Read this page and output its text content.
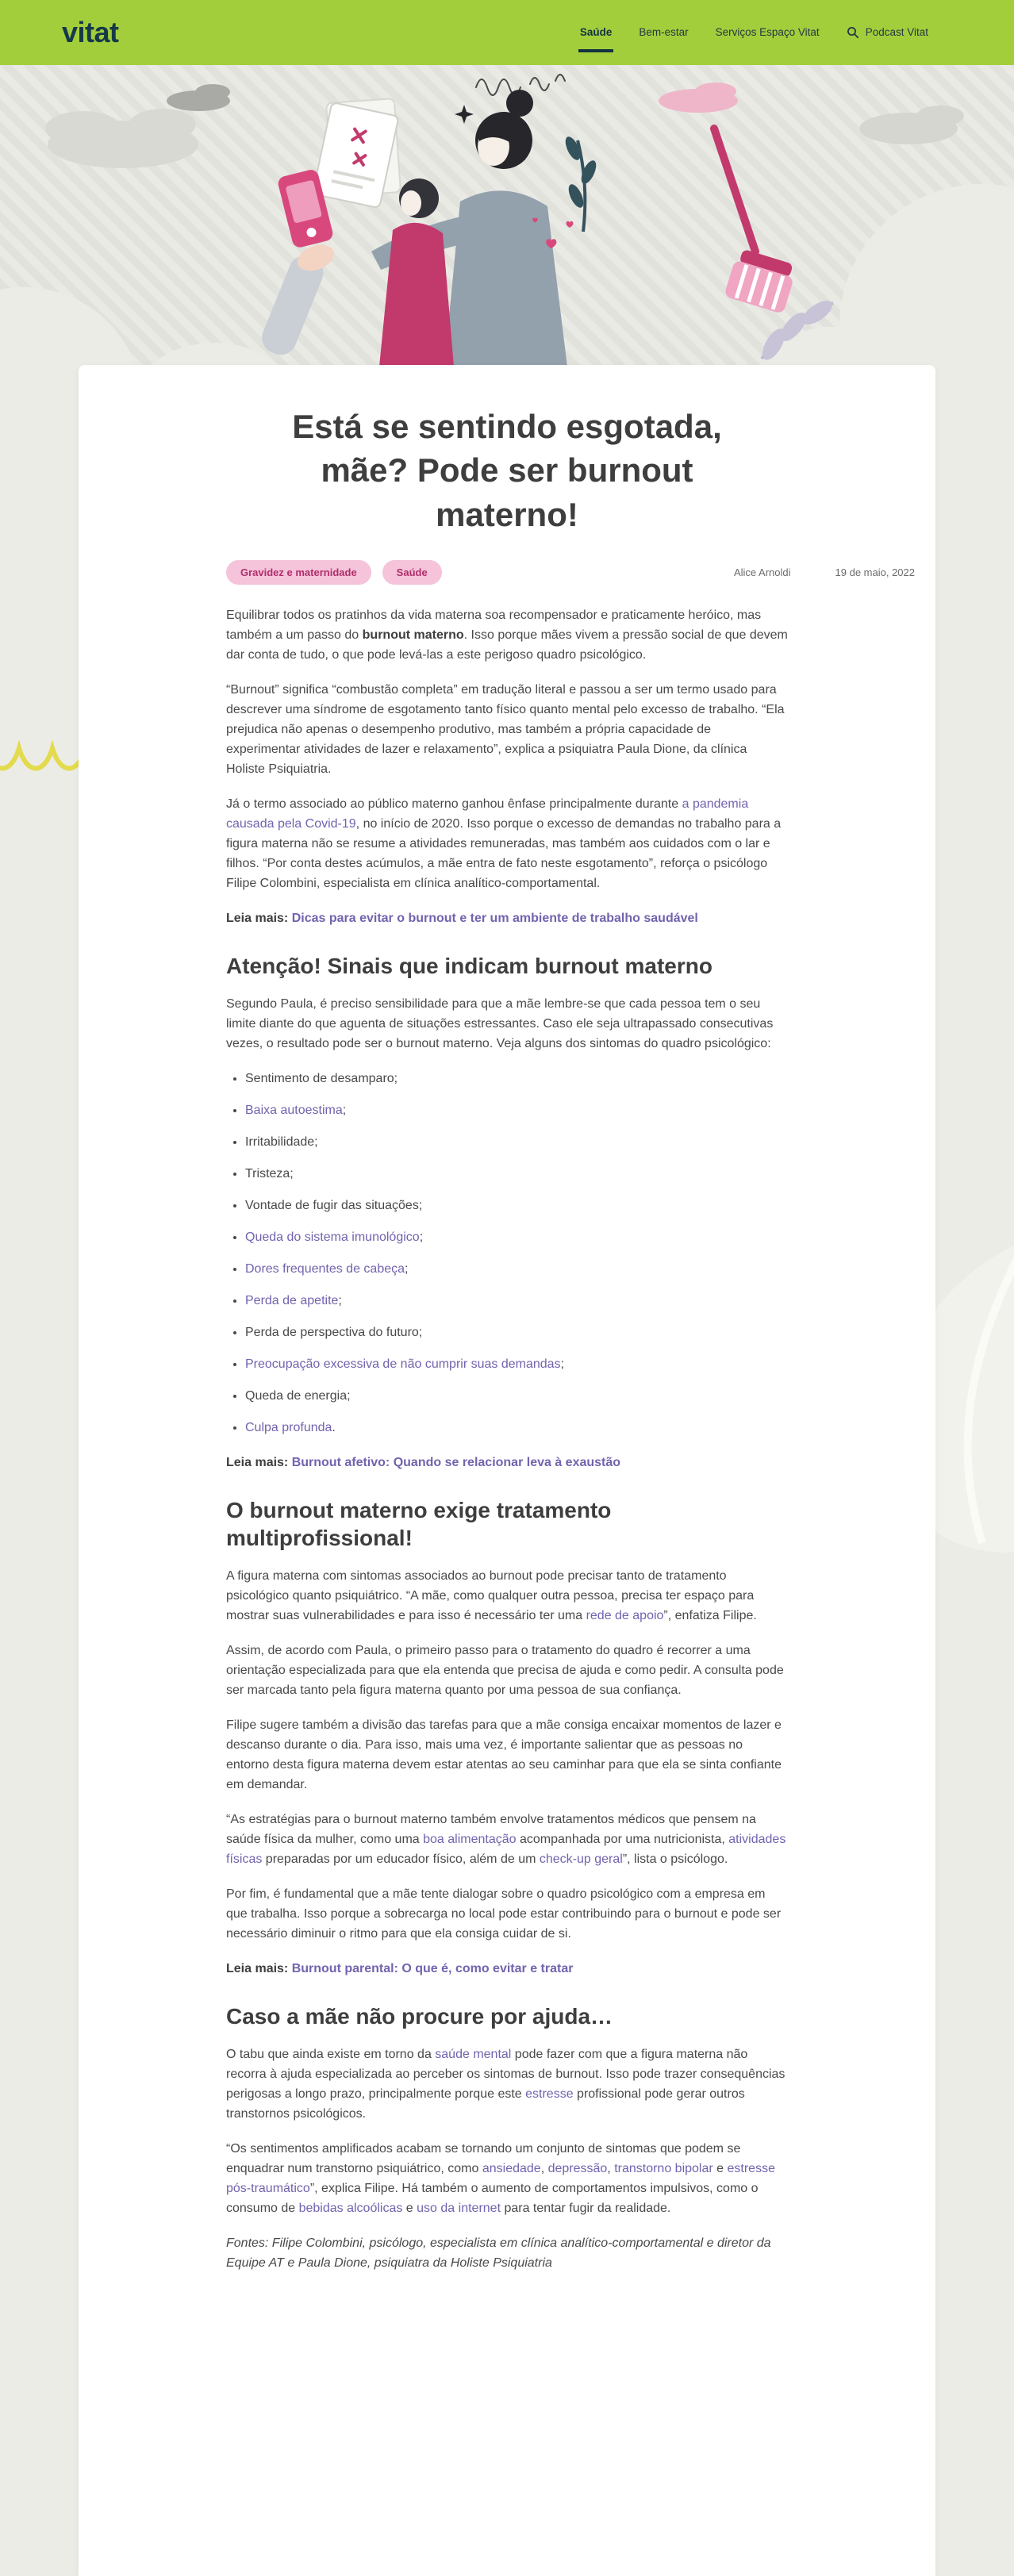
vitat	Saúde	Bem-estar	Serviços Espaço Vitat	Podcast Vitat
Está se sentindo esgotada, mãe? Pode ser burnout materno!
Gravidez e maternidade	Saúde	Alice Arnoldi	19 de maio, 2022

Equilibrar todos os pratinhos da vida materna soa recompensador e praticamente heróico, mas também a um passo do burnout materno. Isso porque mães vivem a pressão social de que devem dar conta de tudo, o que pode levá-las a este perigoso quadro psicológico.

“Burnout” significa “combustão completa” em tradução literal e passou a ser um termo usado para descrever uma síndrome de esgotamento tanto físico quanto mental pelo excesso de trabalho. “Ela prejudica não apenas o desempenho produtivo, mas também a própria capacidade de experimentar atividades de lazer e relaxamento”, explica a psiquiatra Paula Dione, da clínica Holiste Psiquiatria.

Já o termo associado ao público materno ganhou ênfase principalmente durante a pandemia causada pela Covid-19, no início de 2020. Isso porque o excesso de demandas no trabalho para a figura materna não se resume a atividades remuneradas, mas também aos cuidados com o lar e filhos. “Por conta destes acúmulos, a mãe entra de fato neste esgotamento”, reforça o psicólogo Filipe Colombini, especialista em clínica analítico-comportamental.

Leia mais: Dicas para evitar o burnout e ter um ambiente de trabalho saudável

Atenção! Sinais que indicam burnout materno

Segundo Paula, é preciso sensibilidade para que a mãe lembre-se que cada pessoa tem o seu limite diante do que aguenta de situações estressantes. Caso ele seja ultrapassado consecutivas vezes, o resultado pode ser o burnout materno. Veja alguns dos sintomas do quadro psicológico:

• Sentimento de desamparo;
• Baixa autoestima;
• Irritabilidade;
• Tristeza;
• Vontade de fugir das situações;
• Queda do sistema imunológico;
• Dores frequentes de cabeça;
• Perda de apetite;
• Perda de perspectiva do futuro;
• Preocupação excessiva de não cumprir suas demandas;
• Queda de energia;
• Culpa profunda.

Leia mais: Burnout afetivo: Quando se relacionar leva à exaustão

O burnout materno exige tratamento multiprofissional!

A figura materna com sintomas associados ao burnout pode precisar tanto de tratamento psicológico quanto psiquiátrico. “A mãe, como qualquer outra pessoa, precisa ter espaço para mostrar suas vulnerabilidades e para isso é necessário ter uma rede de apoio”, enfatiza Filipe.

Assim, de acordo com Paula, o primeiro passo para o tratamento do quadro é recorrer a uma orientação especializada para que ela entenda que precisa de ajuda e como pedir. A consulta pode ser marcada tanto pela figura materna quanto por uma pessoa de sua confiança.

Filipe sugere também a divisão das tarefas para que a mãe consiga encaixar momentos de lazer e descanso durante o dia. Para isso, mais uma vez, é importante salientar que as pessoas no entorno desta figura materna devem estar atentas ao seu caminhar para que ela se sinta confiante em demandar.

“As estratégias para o burnout materno também envolve tratamentos médicos que pensem na saúde física da mulher, como uma boa alimentação acompanhada por uma nutricionista, atividades físicas preparadas por um educador físico, além de um check-up geral”, lista o psicólogo.

Por fim, é fundamental que a mãe tente dialogar sobre o quadro psicológico com a empresa em que trabalha. Isso porque a sobrecarga no local pode estar contribuindo para o burnout e pode ser necessário diminuir o ritmo para que ela consiga cuidar de si.

Leia mais: Burnout parental: O que é, como evitar e tratar

Caso a mãe não procure por ajuda…

O tabu que ainda existe em torno da saúde mental pode fazer com que a figura materna não recorra à ajuda especializada ao perceber os sintomas de burnout. Isso pode trazer consequências perigosas a longo prazo, principalmente porque este estresse profissional pode gerar outros transtornos psicológicos.

“Os sentimentos amplificados acabam se tornando um conjunto de sintomas que podem se enquadrar num transtorno psiquiátrico, como ansiedade, depressão, transtorno bipolar e estresse pós-traumático”, explica Filipe. Há também o aumento de comportamentos impulsivos, como o consumo de bebidas alcoólicas e uso da internet para tentar fugir da realidade.

Fontes: Filipe Colombini, psicólogo, especialista em clínica analítico-comportamental e diretor da Equipe AT e Paula Dione, psiquiatra da Holiste Psiquiatria
